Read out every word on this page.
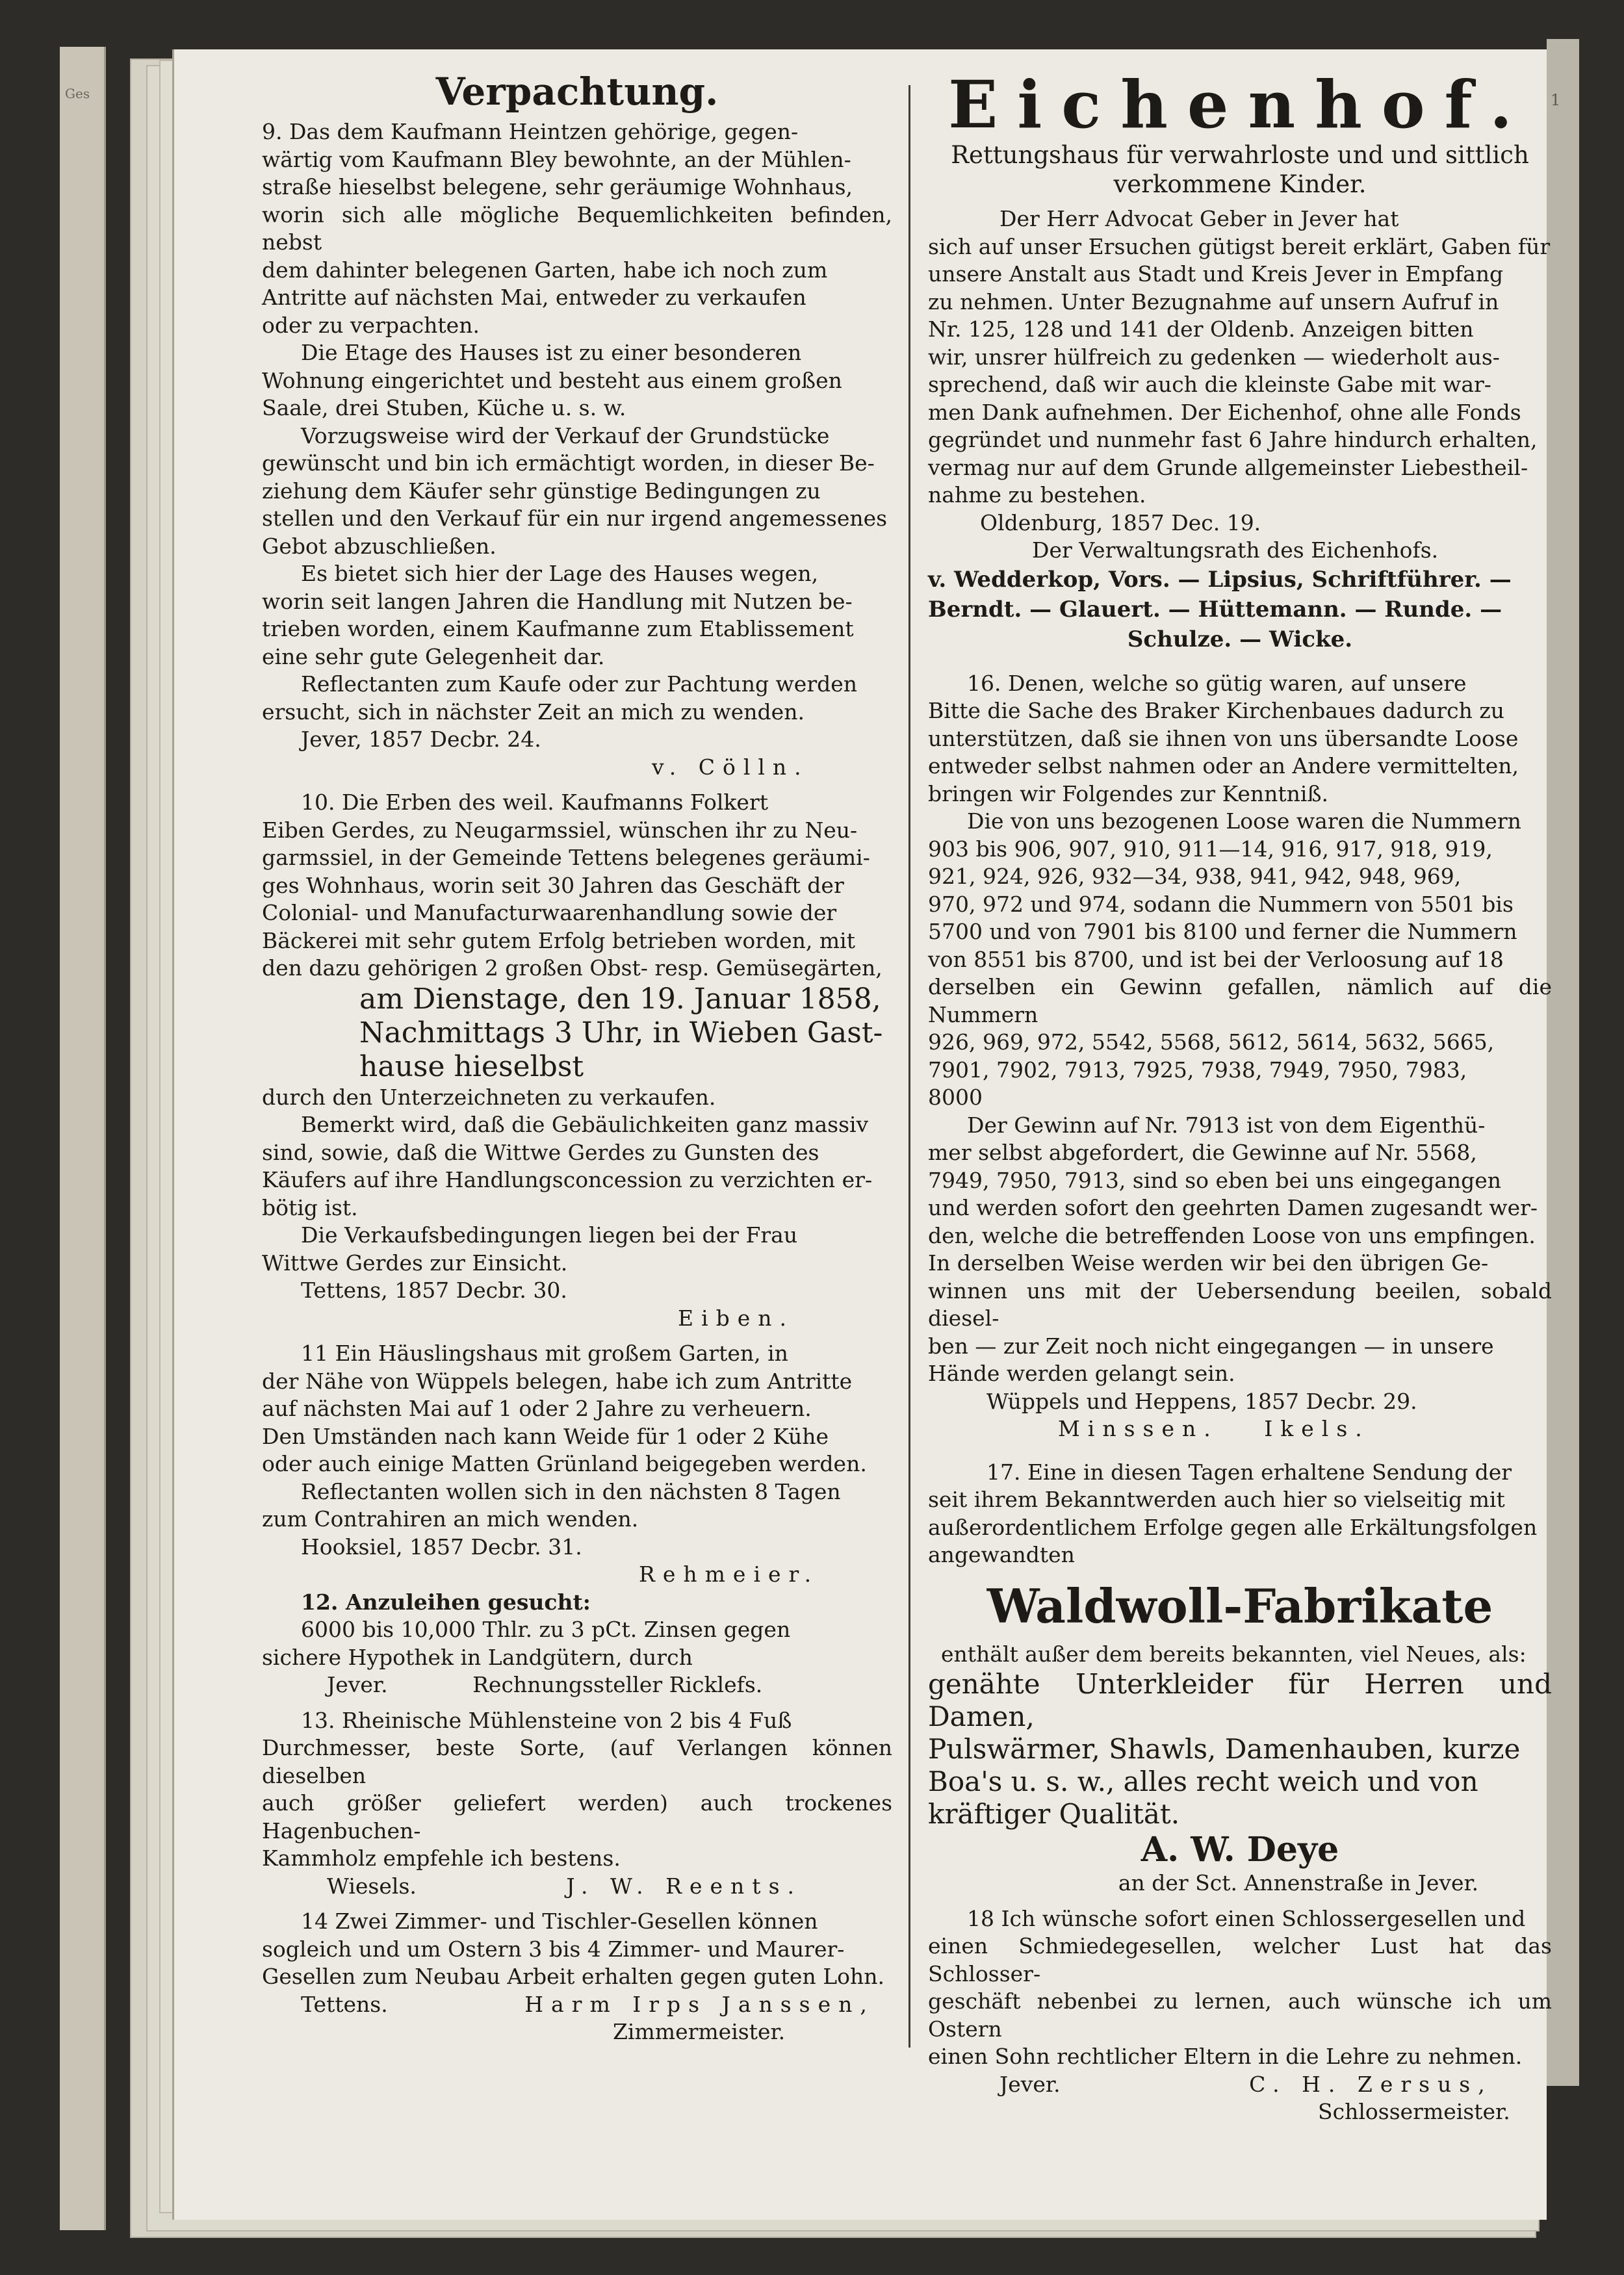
Ges	1
Verpachtung.
9. Das dem Kaufmann Heintzen gehörige, gegen-
wärtig vom Kaufmann Bley bewohnte, an der Mühlen-
straße hieselbst belegene, sehr geräumige Wohnhaus,
worin sich alle mögliche Bequemlichkeiten befinden, nebst
dem dahinter belegenen Garten, habe ich noch zum
Antritte auf nächsten Mai, entweder zu verkaufen
oder zu verpachten.
Die Etage des Hauses ist zu einer besonderen
Wohnung eingerichtet und besteht aus einem großen
Saale, drei Stuben, Küche u. s. w.
Vorzugsweise wird der Verkauf der Grundstücke
gewünscht und bin ich ermächtigt worden, in dieser Be-
ziehung dem Käufer sehr günstige Bedingungen zu
stellen und den Verkauf für ein nur irgend angemessenes
Gebot abzuschließen.
Es bietet sich hier der Lage des Hauses wegen,
worin seit langen Jahren die Handlung mit Nutzen be-
trieben worden, einem Kaufmanne zum Etablissement
eine sehr gute Gelegenheit dar.
Reflectanten zum Kaufe oder zur Pachtung werden
ersucht, sich in nächster Zeit an mich zu wenden.
Jever, 1857 Decbr. 24.
v. Cölln.
10. Die Erben des weil. Kaufmanns Folkert
Eiben Gerdes, zu Neugarmssiel, wünschen ihr zu Neu-
garmssiel, in der Gemeinde Tettens belegenes geräumi-
ges Wohnhaus, worin seit 30 Jahren das Geschäft der
Colonial- und Manufacturwaarenhandlung sowie der
Bäckerei mit sehr gutem Erfolg betrieben worden, mit
den dazu gehörigen 2 großen Obst- resp. Gemüsegärten,
am Dienstage, den 19. Januar 1858,
Nachmittags 3 Uhr, in Wieben Gast-
hause hieselbst
durch den Unterzeichneten zu verkaufen.
Bemerkt wird, daß die Gebäulichkeiten ganz massiv
sind, sowie, daß die Wittwe Gerdes zu Gunsten des
Käufers auf ihre Handlungsconcession zu verzichten er-
bötig ist.
Die Verkaufsbedingungen liegen bei der Frau
Wittwe Gerdes zur Einsicht.
Tettens, 1857 Decbr. 30.
Eiben.
11 Ein Häuslingshaus mit großem Garten, in
der Nähe von Wüppels belegen, habe ich zum Antritte
auf nächsten Mai auf 1 oder 2 Jahre zu verheuern.
Den Umständen nach kann Weide für 1 oder 2 Kühe
oder auch einige Matten Grünland beigegeben werden.
Reflectanten wollen sich in den nächsten 8 Tagen
zum Contrahiren an mich wenden.
Hooksiel, 1857 Decbr. 31.
Rehmeier.
12. Anzuleihen gesucht:
6000 bis 10,000 Thlr. zu 3 pCt. Zinsen gegen
sichere Hypothek in Landgütern, durch
Jever.	Rechnungssteller Ricklefs.
13. Rheinische Mühlensteine von 2 bis 4 Fuß
Durchmesser, beste Sorte, (auf Verlangen können dieselben
auch größer geliefert werden) auch trockenes Hagenbuchen-
Kammholz empfehle ich bestens.
Wiesels.	J. W. Reents.
14 Zwei Zimmer- und Tischler-Gesellen können
sogleich und um Ostern 3 bis 4 Zimmer- und Maurer-
Gesellen zum Neubau Arbeit erhalten gegen guten Lohn.
Tettens.	Harm Irps Janssen,
Zimmermeister.
Eichenhof.
Rettungshaus für verwahrloste und und sittlich
verkommene Kinder.
Der Herr Advocat Geber in Jever hat
sich auf unser Ersuchen gütigst bereit erklärt, Gaben für
unsere Anstalt aus Stadt und Kreis Jever in Empfang
zu nehmen. Unter Bezugnahme auf unsern Aufruf in
Nr. 125, 128 und 141 der Oldenb. Anzeigen bitten
wir, unsrer hülfreich zu gedenken — wiederholt aus-
sprechend, daß wir auch die kleinste Gabe mit war-
men Dank aufnehmen. Der Eichenhof, ohne alle Fonds
gegründet und nunmehr fast 6 Jahre hindurch erhalten,
vermag nur auf dem Grunde allgemeinster Liebestheil-
nahme zu bestehen.
Oldenburg, 1857 Dec. 19.
Der Verwaltungsrath des Eichenhofs.
v. Wedderkop, Vors. — Lipsius, Schriftführer. —
Berndt. — Glauert. — Hüttemann. — Runde. —
Schulze. — Wicke.
16. Denen, welche so gütig waren, auf unsere
Bitte die Sache des Braker Kirchenbaues dadurch zu
unterstützen, daß sie ihnen von uns übersandte Loose
entweder selbst nahmen oder an Andere vermittelten,
bringen wir Folgendes zur Kenntniß.
Die von uns bezogenen Loose waren die Nummern
903 bis 906, 907, 910, 911—14, 916, 917, 918, 919,
921, 924, 926, 932—34, 938, 941, 942, 948, 969,
970, 972 und 974, sodann die Nummern von 5501 bis
5700 und von 7901 bis 8100 und ferner die Nummern
von 8551 bis 8700, und ist bei der Verloosung auf 18
derselben ein Gewinn gefallen, nämlich auf die Nummern
926, 969, 972, 5542, 5568, 5612, 5614, 5632, 5665,
7901, 7902, 7913, 7925, 7938, 7949, 7950, 7983,
8000
Der Gewinn auf Nr. 7913 ist von dem Eigenthü-
mer selbst abgefordert, die Gewinne auf Nr. 5568,
7949, 7950, 7913, sind so eben bei uns eingegangen
und werden sofort den geehrten Damen zugesandt wer-
den, welche die betreffenden Loose von uns empfingen.
In derselben Weise werden wir bei den übrigen Ge-
winnen uns mit der Uebersendung beeilen, sobald diesel-
ben — zur Zeit noch nicht eingegangen — in unsere
Hände werden gelangt sein.
Wüppels und Heppens, 1857 Decbr. 29.
Minssen. Ikels.
17. Eine in diesen Tagen erhaltene Sendung der
seit ihrem Bekanntwerden auch hier so vielseitig mit
außerordentlichem Erfolge gegen alle Erkältungsfolgen
angewandten
Waldwoll-Fabrikate
enthält außer dem bereits bekannten, viel Neues, als:
genähte Unterkleider für Herren und Damen,
Pulswärmer, Shawls, Damenhauben, kurze
Boa's u. s. w., alles recht weich und von
kräftiger Qualität.
A. W. Deye
an der Sct. Annenstraße in Jever.
18 Ich wünsche sofort einen Schlossergesellen und
einen Schmiedegesellen, welcher Lust hat das Schlosser-
geschäft nebenbei zu lernen, auch wünsche ich um Ostern
einen Sohn rechtlicher Eltern in die Lehre zu nehmen.
Jever.	C. H. Zersus,
Schlossermeister.
